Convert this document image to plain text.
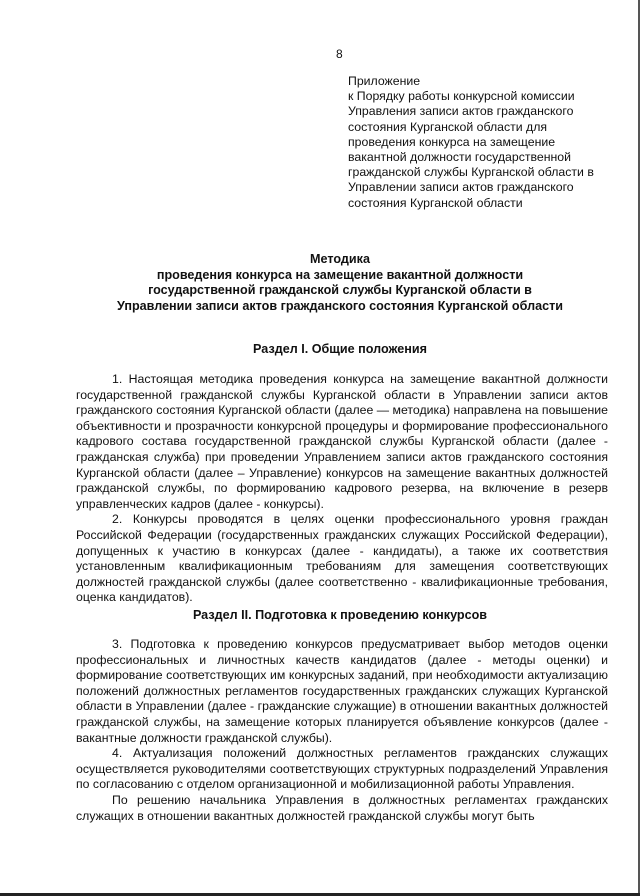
8
Приложение
к Порядку работы конкурсной комиссии
Управления записи актов гражданского
состояния Курганской области для
проведения конкурса на замещение
вакантной должности государственной
гражданской службы Курганской области в
Управлении записи актов гражданского
состояния Курганской области
Методика
проведения конкурса на замещение вакантной должности
государственной гражданской службы Курганской области в
Управлении записи актов гражданского состояния Курганской области
Раздел I. Общие положения

1. Настоящая методика проведения конкурса на замещение вакантной должности государственной гражданской службы Курганской области в Управлении записи актов гражданского состояния Курганской области (далее — методика) направлена на повышение объективности и прозрачности конкурсной процедуры и формирование профессионального кадрового состава государственной гражданской службы Курганской области (далее - гражданская служба) при проведении Управлением записи актов гражданского состояния Курганской области (далее – Управление) конкурсов на замещение вакантных должностей гражданской службы, по формированию кадрового резерва, на включение в резерв управленческих кадров (далее - конкурсы).

2. Конкурсы проводятся в целях оценки профессионального уровня граждан Российской Федерации (государственных гражданских служащих Российской Федерации), допущенных к участию в конкурсах (далее - кандидаты), а также их соответствия установленным квалификационным требованиям для замещения соответствующих должностей гражданской службы (далее соответственно - квалификационные требования, оценка кандидатов).

Раздел II. Подготовка к проведению конкурсов

3. Подготовка к проведению конкурсов предусматривает выбор методов оценки профессиональных и личностных качеств кандидатов (далее - методы оценки) и формирование соответствующих им конкурсных заданий, при необходимости актуализацию положений должностных регламентов государственных гражданских служащих Курганской области в Управлении (далее - гражданские служащие) в отношении вакантных должностей гражданской службы, на замещение которых планируется объявление конкурсов (далее - вакантные должности гражданской службы).

4. Актуализация положений должностных регламентов гражданских служащих осуществляется руководителями соответствующих структурных подразделений Управления по согласованию с отделом организационной и мобилизационной работы Управления.

По решению начальника Управления в должностных регламентах гражданских служащих в отношении вакантных должностей гражданской службы могут быть
